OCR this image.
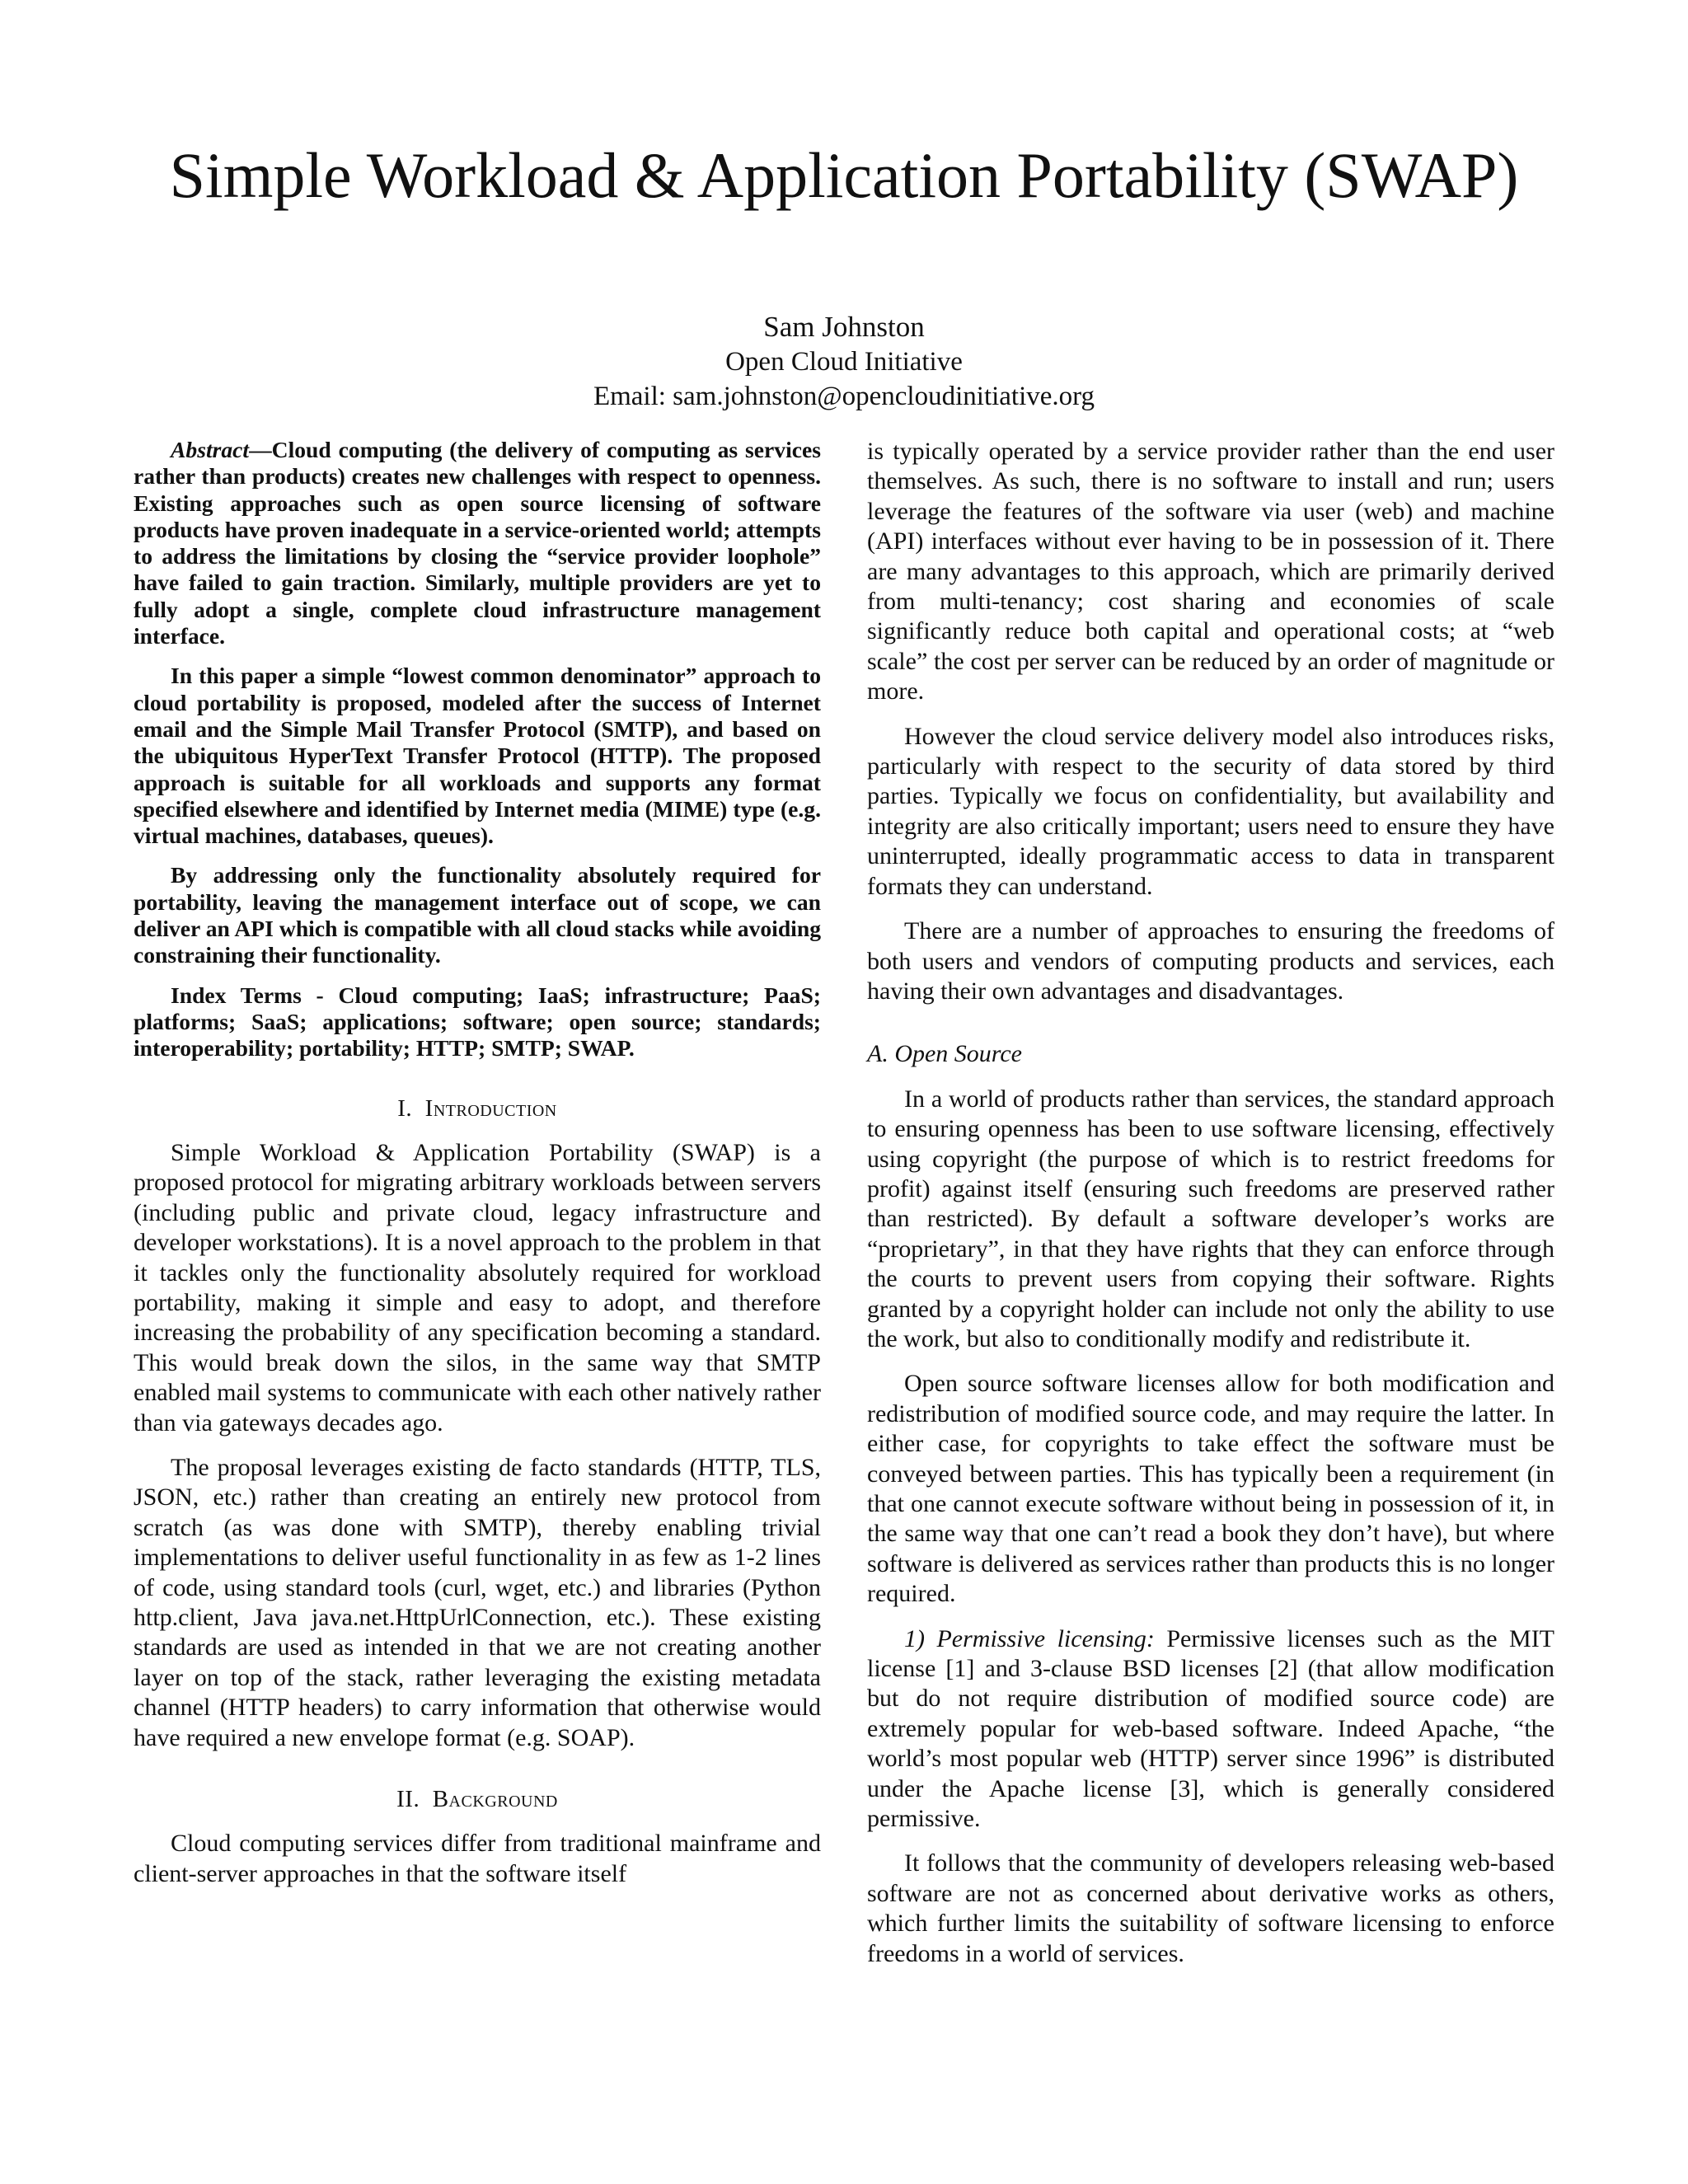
Simple Workload & Application Portability (SWAP)
Sam Johnston
Open Cloud Initiative
Email: sam.johnston@opencloudinitiative.org

Abstract—Cloud computing (the delivery of computing as services rather than products) creates new challenges with respect to openness. Existing approaches such as open source licensing of software products have proven inadequate in a service-oriented world; attempts to address the limitations by closing the “service provider loophole” have failed to gain traction. Similarly, multiple providers are yet to fully adopt a single, complete cloud infrastructure management interface.

In this paper a simple “lowest common denominator” approach to cloud portability is proposed, modeled after the success of Internet email and the Simple Mail Transfer Protocol (SMTP), and based on the ubiquitous HyperText Transfer Protocol (HTTP). The proposed approach is suitable for all workloads and supports any format specified elsewhere and identified by Internet media (MIME) type (e.g. virtual machines, databases, queues).

By addressing only the functionality absolutely required for portability, leaving the management interface out of scope, we can deliver an API which is compatible with all cloud stacks while avoiding constraining their functionality.

Index Terms - Cloud computing; IaaS; infrastructure; PaaS; platforms; SaaS; applications; software; open source; standards; interoperability; portability; HTTP; SMTP; SWAP.

I. Introduction

Simple Workload & Application Portability (SWAP) is a proposed protocol for migrating arbitrary workloads between servers (including public and private cloud, legacy infrastructure and developer workstations). It is a novel approach to the problem in that it tackles only the functionality absolutely required for workload portability, making it simple and easy to adopt, and therefore increasing the probability of any specification becoming a standard. This would break down the silos, in the same way that SMTP enabled mail systems to communicate with each other natively rather than via gateways decades ago.

The proposal leverages existing de facto standards (HTTP, TLS, JSON, etc.) rather than creating an entirely new protocol from scratch (as was done with SMTP), thereby enabling trivial implementations to deliver useful functionality in as few as 1-2 lines of code, using standard tools (curl, wget, etc.) and libraries (Python http.client, Java java.net.HttpUrlConnection, etc.). These existing standards are used as intended in that we are not creating another layer on top of the stack, rather leveraging the existing metadata channel (HTTP headers) to carry information that otherwise would have required a new envelope format (e.g. SOAP).

II. Background

Cloud computing services differ from traditional mainframe and client-server approaches in that the software itself

is typically operated by a service provider rather than the end user themselves. As such, there is no software to install and run; users leverage the features of the software via user (web) and machine (API) interfaces without ever having to be in possession of it. There are many advantages to this approach, which are primarily derived from multi-tenancy; cost sharing and economies of scale significantly reduce both capital and operational costs; at “web scale” the cost per server can be reduced by an order of magnitude or more.

However the cloud service delivery model also introduces risks, particularly with respect to the security of data stored by third parties. Typically we focus on confidentiality, but availability and integrity are also critically important; users need to ensure they have uninterrupted, ideally programmatic access to data in transparent formats they can understand.

There are a number of approaches to ensuring the freedoms of both users and vendors of computing products and services, each having their own advantages and disadvantages.

A. Open Source

In a world of products rather than services, the standard approach to ensuring openness has been to use software licensing, effectively using copyright (the purpose of which is to restrict freedoms for profit) against itself (ensuring such freedoms are preserved rather than restricted). By default a software developer’s works are “proprietary”, in that they have rights that they can enforce through the courts to prevent users from copying their software. Rights granted by a copyright holder can include not only the ability to use the work, but also to conditionally modify and redistribute it.

Open source software licenses allow for both modification and redistribution of modified source code, and may require the latter. In either case, for copyrights to take effect the software must be conveyed between parties. This has typically been a requirement (in that one cannot execute software without being in possession of it, in the same way that one can’t read a book they don’t have), but where software is delivered as services rather than products this is no longer required.

1) Permissive licensing: Permissive licenses such as the MIT license [1] and 3-clause BSD licenses [2] (that allow modification but do not require distribution of modified source code) are extremely popular for web-based software. Indeed Apache, “the world’s most popular web (HTTP) server since 1996” is distributed under the Apache license [3], which is generally considered permissive.

It follows that the community of developers releasing web-based software are not as concerned about derivative works as others, which further limits the suitability of software licensing to enforce freedoms in a world of services.
